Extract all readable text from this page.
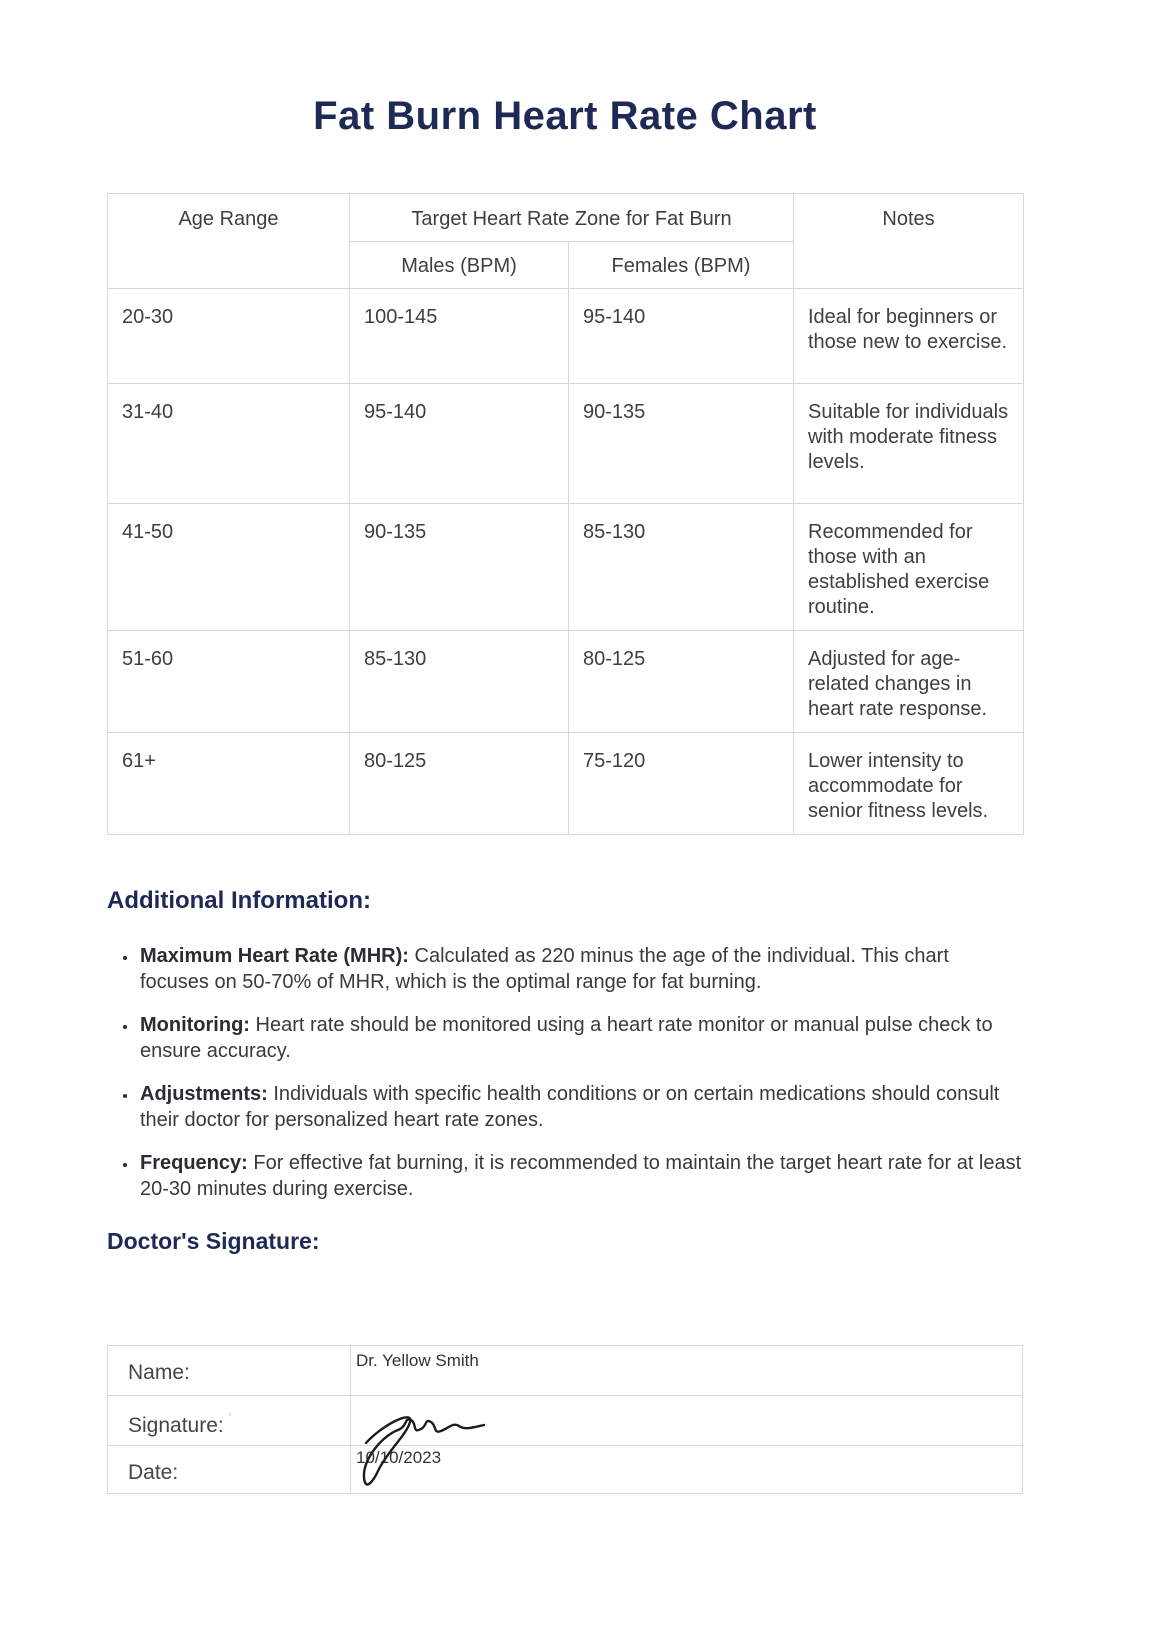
Fat Burn Heart Rate Chart
Age Range	Target Heart Rate Zone for Fat Burn		Notes
	Males (BPM)	Females (BPM)	
20-30	100-145	95-140	Ideal for beginners or those new to exercise.
31-40	95-140	90-135	Suitable for individuals with moderate fitness levels.
41-50	90-135	85-130	Recommended for those with an established exercise routine.
51-60	85-130	80-125	Adjusted for age-related changes in heart rate response.
61+	80-125	75-120	Lower intensity to accommodate for senior fitness levels.
Additional Information:
• Maximum Heart Rate (MHR): Calculated as 220 minus the age of the individual. This chart focuses on 50-70% of MHR, which is the optimal range for fat burning.
• Monitoring: Heart rate should be monitored using a heart rate monitor or manual pulse check to ensure accuracy.
• Adjustments: Individuals with specific health conditions or on certain medications should consult their doctor for personalized heart rate zones.
• Frequency: For effective fat burning, it is recommended to maintain the target heart rate for at least 20-30 minutes during exercise.
Doctor's Signature:
Name:	Dr. Yellow Smith
Signature: $^ˈ$	

Date:	10/10/2023
